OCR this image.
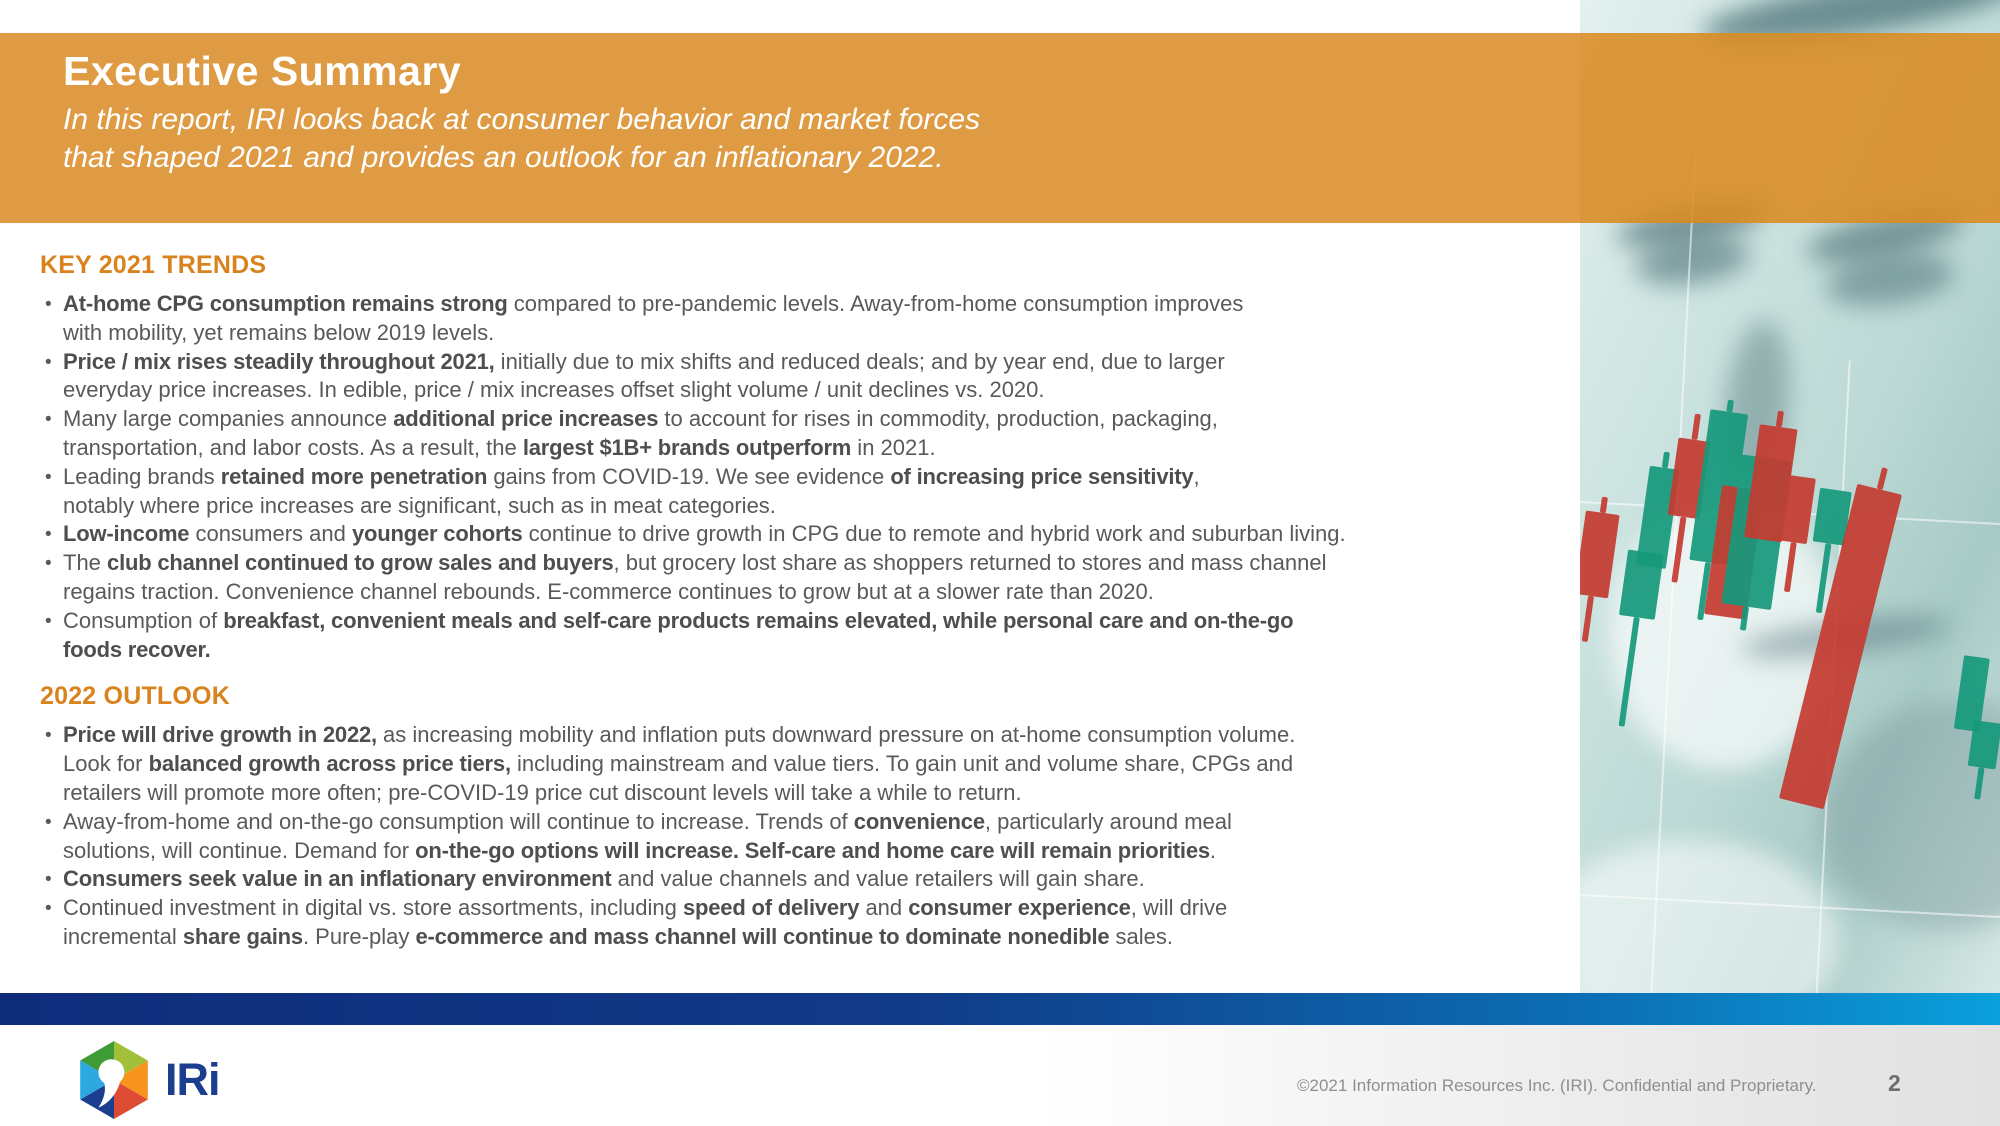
Executive Summary
In this report, IRI looks back at consumer behavior and market forces
that shaped 2021 and provides an outlook for an inflationary 2022.
KEY 2021 TRENDS
• At-home CPG consumption remains strong compared to pre-pandemic levels. Away-from-home consumption improves
with mobility, yet remains below 2019 levels.
• Price / mix rises steadily throughout 2021, initially due to mix shifts and reduced deals; and by year end, due to larger
everyday price increases. In edible, price / mix increases offset slight volume / unit declines vs. 2020.
• Many large companies announce additional price increases to account for rises in commodity, production, packaging,
transportation, and labor costs. As a result, the largest $1B+ brands outperform in 2021.
• Leading brands retained more penetration gains from COVID-19. We see evidence of increasing price sensitivity,
notably where price increases are significant, such as in meat categories.
• Low-income consumers and younger cohorts continue to drive growth in CPG due to remote and hybrid work and suburban living.
• The club channel continued to grow sales and buyers, but grocery lost share as shoppers returned to stores and mass channel
regains traction. Convenience channel rebounds. E-commerce continues to grow but at a slower rate than 2020.
• Consumption of breakfast, convenient meals and self-care products remains elevated, while personal care and on-the-go
foods recover.
2022 OUTLOOK
• Price will drive growth in 2022, as increasing mobility and inflation puts downward pressure on at-home consumption volume.
Look for balanced growth across price tiers, including mainstream and value tiers. To gain unit and volume share, CPGs and
retailers will promote more often; pre-COVID-19 price cut discount levels will take a while to return.
• Away-from-home and on-the-go consumption will continue to increase. Trends of convenience, particularly around meal
solutions, will continue. Demand for on-the-go options will increase. Self-care and home care will remain priorities.
• Consumers seek value in an inflationary environment and value channels and value retailers will gain share.
• Continued investment in digital vs. store assortments, including speed of delivery and consumer experience, will drive
incremental share gains. Pure-play e-commerce and mass channel will continue to dominate nonedible sales.
IRi	©2021 Information Resources Inc. (IRI). Confidential and Proprietary.	2
